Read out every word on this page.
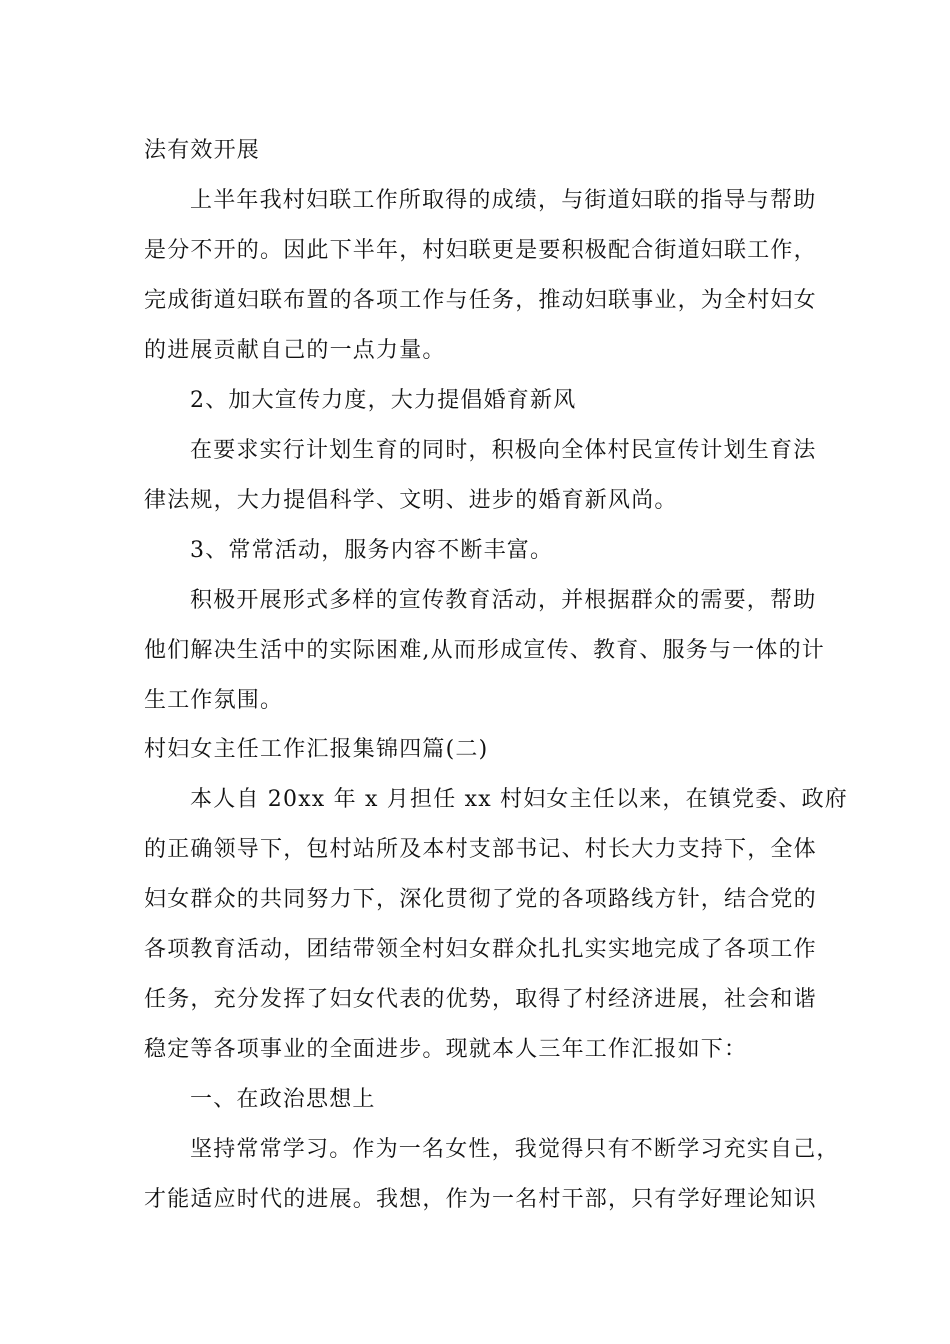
法有效开展
上半年我村妇联工作所取得的成绩，与街道妇联的指导与帮助
是分不开的。因此下半年，村妇联更是要积极配合街道妇联工作，
完成街道妇联布置的各项工作与任务，推动妇联事业，为全村妇女
的进展贡献自己的一点力量。
2、加大宣传力度，大力提倡婚育新风
在要求实行计划生育的同时，积极向全体村民宣传计划生育法
律法规，大力提倡科学、文明、进步的婚育新风尚。
3、常常活动，服务内容不断丰富。
积极开展形式多样的宣传教育活动，并根据群众的需要，帮助
他们解决生活中的实际困难,从而形成宣传、教育、服务与一体的计
生工作氛围。
村妇女主任工作汇报集锦四篇(二)
本人自 20xx 年 x 月担任 xx 村妇女主任以来，在镇党委、政府
的正确领导下，包村站所及本村支部书记、村长大力支持下，全体
妇女群众的共同努力下，深化贯彻了党的各项路线方针，结合党的
各项教育活动，团结带领全村妇女群众扎扎实实地完成了各项工作
任务，充分发挥了妇女代表的优势，取得了村经济进展，社会和谐
稳定等各项事业的全面进步。现就本人三年工作汇报如下：
一、在政治思想上
坚持常常学习。作为一名女性，我觉得只有不断学习充实自己，
才能适应时代的进展。我想，作为一名村干部，只有学好理论知识
